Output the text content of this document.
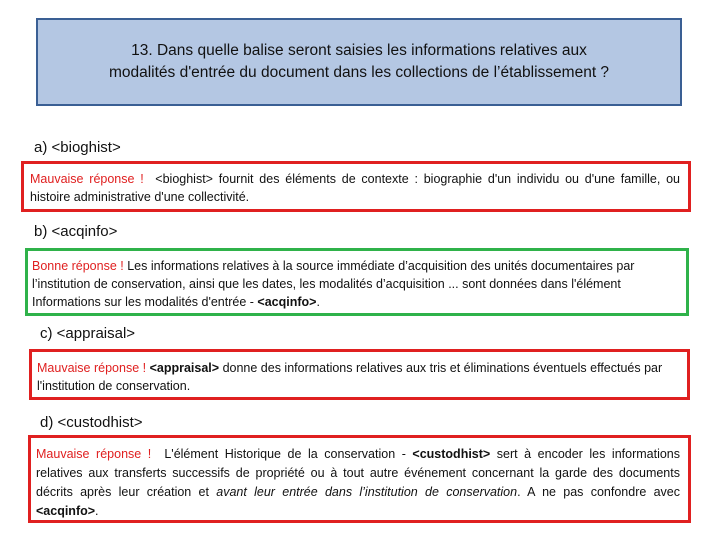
13. Dans quelle balise seront saisies les informations relatives aux
modalités d'entrée du document dans les collections de l’établissement ?
a) <bioghist>
Mauvaise réponse ! <bioghist> fournit des éléments de contexte : biographie d'un individu ou d'une famille, ou histoire administrative d'une collectivité.
b) <acqinfo>
Bonne réponse ! Les informations relatives à la source immédiate d’acquisition des unités documentaires par l’institution de conservation, ainsi que les dates, les modalités d’acquisition ... sont données dans l'élément Informations sur les modalités d'entrée - <acqinfo>.
c) <appraisal>
Mauvaise réponse ! <appraisal> donne des informations relatives aux tris et éliminations éventuels effectués par l'institution de conservation.
d) <custodhist>
Mauvaise réponse ! L'élément Historique de la conservation - <custodhist> sert à encoder les informations relatives aux transferts successifs de propriété ou à tout autre événement concernant la garde des documents décrits après leur création et avant leur entrée dans l’institution de conservation. A ne pas confondre avec <acqinfo>.
